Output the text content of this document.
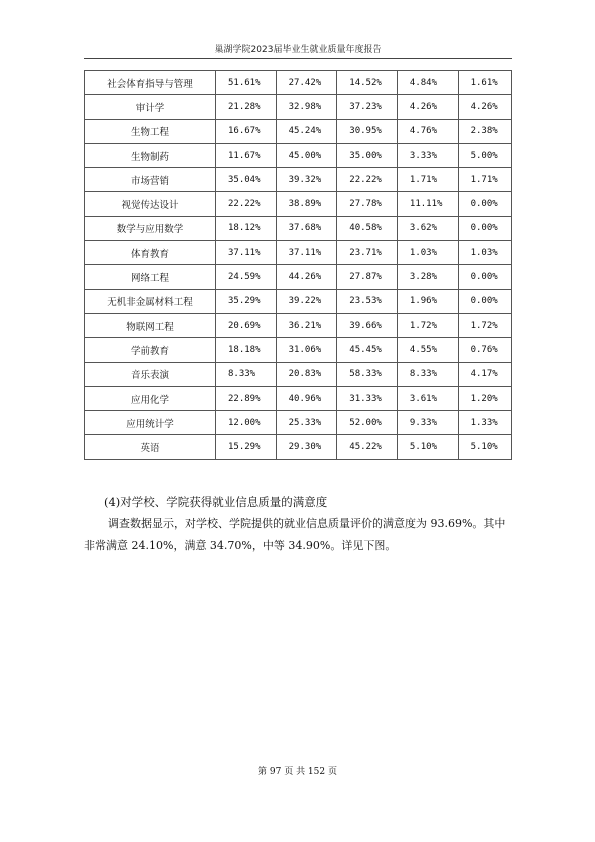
巢湖学院2023届毕业生就业质量年度报告
社会体育指导与管理	51.61%	27.42%	14.52%	4.84%	1.61%
审计学	21.28%	32.98%	37.23%	4.26%	4.26%
生物工程	16.67%	45.24%	30.95%	4.76%	2.38%
生物制药	11.67%	45.00%	35.00%	3.33%	5.00%
市场营销	35.04%	39.32%	22.22%	1.71%	1.71%
视觉传达设计	22.22%	38.89%	27.78%	11.11%	0.00%
数学与应用数学	18.12%	37.68%	40.58%	3.62%	0.00%
体育教育	37.11%	37.11%	23.71%	1.03%	1.03%
网络工程	24.59%	44.26%	27.87%	3.28%	0.00%
无机非金属材料工程	35.29%	39.22%	23.53%	1.96%	0.00%
物联网工程	20.69%	36.21%	39.66%	1.72%	1.72%
学前教育	18.18%	31.06%	45.45%	4.55%	0.76%
音乐表演	8.33%	20.83%	58.33%	8.33%	4.17%
应用化学	22.89%	40.96%	31.33%	3.61%	1.20%
应用统计学	12.00%	25.33%	52.00%	9.33%	1.33%
英语	15.29%	29.30%	45.22%	5.10%	5.10%
(4)对学校、学院获得就业信息质量的满意度
调查数据显示，对学校、学院提供的就业信息质量评价的满意度为 93.69%。其中非常满意 24.10%，满意 34.70%，中等 34.90%。详见下图。
第 97 页 共 152 页
